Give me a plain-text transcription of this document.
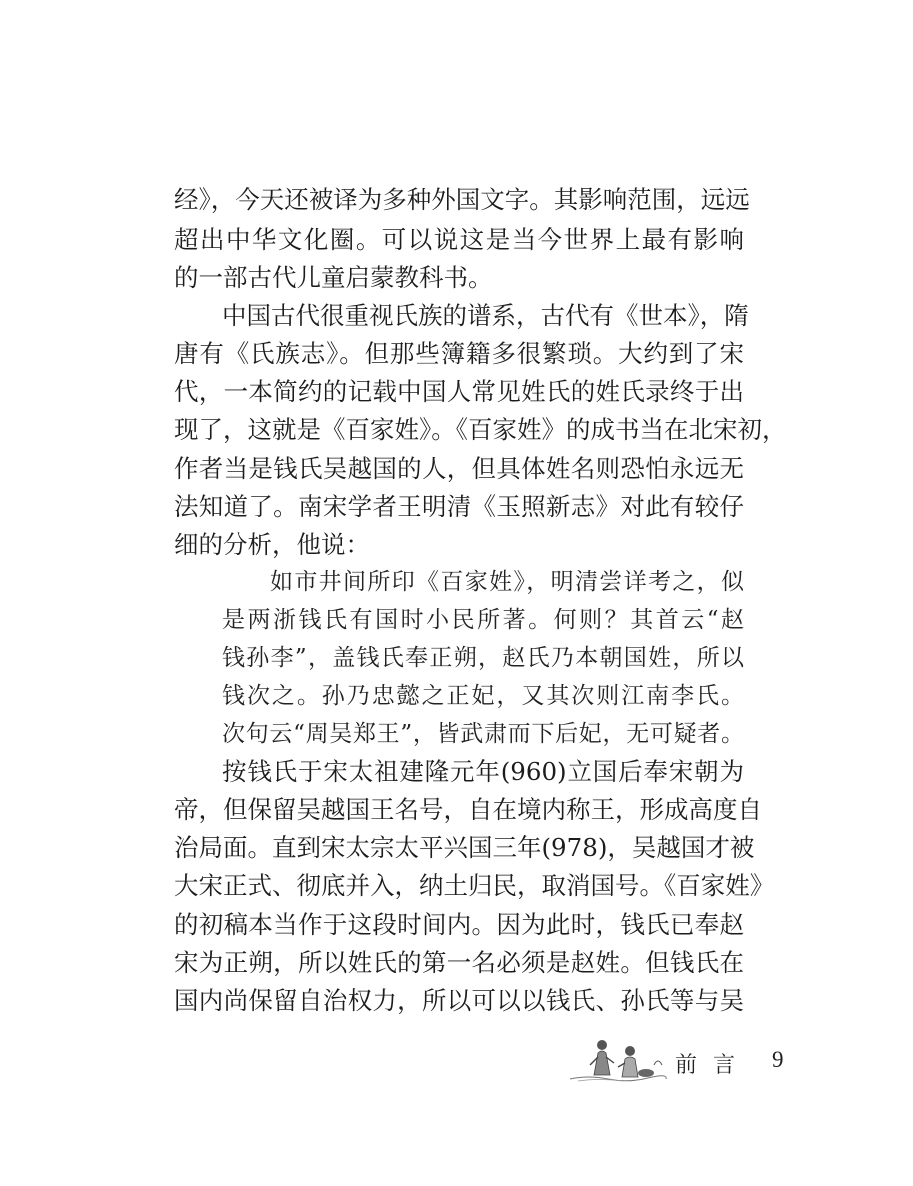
经》，今天还被译为多种外国文字。其影响范围，远远
超出中华文化圈。可以说这是当今世界上最有影响
的一部古代儿童启蒙教科书。
中国古代很重视氏族的谱系，古代有《世本》，隋
唐有《氏族志》。但那些簿籍多很繁琐。大约到了宋
代，一本简约的记载中国人常见姓氏的姓氏录终于出
现了，这就是《百家姓》。《百家姓》的成书当在北宋初，
作者当是钱氏吴越国的人，但具体姓名则恐怕永远无
法知道了。南宋学者王明清《玉照新志》对此有较仔
细的分析，他说：
如市井间所印《百家姓》，明清尝详考之，似
是两浙钱氏有国时小民所著。何则？其首云“赵
钱孙李”，盖钱氏奉正朔，赵氏乃本朝国姓，所以
钱次之。孙乃忠懿之正妃，又其次则江南李氏。
次句云“周吴郑王”，皆武肃而下后妃，无可疑者。
按钱氏于宋太祖建隆元年(960)立国后奉宋朝为
帝，但保留吴越国王名号，自在境内称王，形成高度自
治局面。直到宋太宗太平兴国三年(978)，吴越国才被
大宋正式、彻底并入，纳土归民，取消国号。《百家姓》
的初稿本当作于这段时间内。因为此时，钱氏已奉赵
宋为正朔，所以姓氏的第一名必须是赵姓。但钱氏在
国内尚保留自治权力，所以可以以钱氏、孙氏等与吴
前言 9
